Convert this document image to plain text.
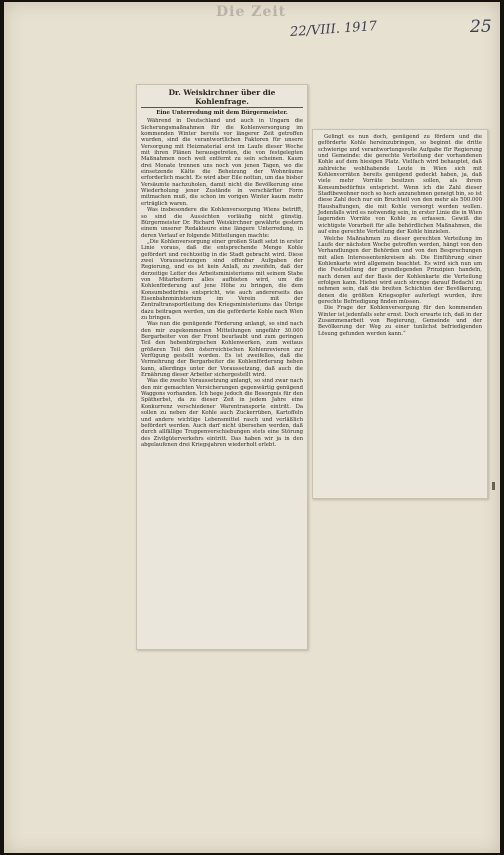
Die Zeit
22/VIII. 1917	25
Dr. Weiskirchner über die Kohlenfrage.
Eine Unterredung mit dem Bürgermeister.

Während in Deutschland und auch in Ungarn die Sicherungsmaßnahmen für die Kohlenversorgung im kommenden Winter bereits vor längerer Zeit getroffen wurden, sind die verantwortlichen Faktoren für unsere Versorgung mit Heizmaterial erst im Laufe dieser Woche mit ihren Plänen herausgetreten, die von festgelegten Maßnahmen noch weit entfernt zu sein scheinen. Kaum drei Monate trennen uns noch von jenen Tagen, wo die einsetzende Kälte die Beheizung der Wohnräume erforderlich macht. Es wird aber Eile nottun, um das bisher Versäumte nachzuholen, damit nicht die Bevölkerung eine Wiederholung jener Zustände in verschärfter Form mitmachen muß, die schon im vorigen Winter kaum mehr erträglich waren.

Was insbesondere die Kohlenversorgung Wiens betrifft, so sind die Aussichten vorläufig nicht günstig. Bürgermeister Dr. Richard Weiskirchner gewährte gestern einem unserer Redakteure eine längere Unterredung, in deren Verlauf er folgende Mitteilungen machte:

„Die Kohlenversorgung einer großen Stadt setzt in erster Linie voraus, daß die entsprechende Menge Kohle gefördert und rechtzeitig in die Stadt gebracht wird. Diese zwei Voraussetzungen sind offenbar Aufgaben der Regierung, und es ist kein Anlaß, zu zweifeln, daß der derzeitige Leiter des Arbeitsministeriums mit seinem Stabe von Mitarbeitern alles aufbieten wird, um die Kohlenförderung auf jene Höhe zu bringen, die dem Konsumbedürfnis entspricht, wie auch andererseits das Eisenbahnministerium im Verein mit der Zentraltransportleitung des Kriegsministeriums das Übrige dazu beitragen werden, um die geförderte Kohle nach Wien zu bringen.

Was nun die genügende Förderung anlangt, so sind nach den mir zugekommenen Mitteilungen ungefähr 30.000 Bergarbeiter von der Front beurlaubt und zum geringen Teil den hebenbürgischen Kohlenwerken, zum weitaus größeren Teil den österreichischen Kohlenrevieren zur Verfügung gestellt worden. Es ist zweifellos, daß die Vermehrung der Bergarbeiter die Kohlenförderung heben kann, allerdings unter der Voraussetzung, daß auch die Ernährung dieser Arbeiter sichergestellt wird.

Was die zweite Voraussetzung anlangt, so sind zwar nach den mir gemachten Versicherungen gegenwärtig genügend Waggons vorhanden. Ich hege jedoch die Besorgnis für den Spätherbst, da zu dieser Zeit in jedem Jahre eine Konkurrenz verschiedener Warentransporte eintritt. Da sollen zu neben der Kohle auch Zuckerrüben, Kartoffeln und andere wichtige Lebensmittel rasch und verläßlich befördert werden. Auch darf nicht übersehen werden, daß durch allfällige Truppenverschiebungen stets eine Störung des Zivilgüterverkehrs eintritt. Das haben wir ja in den abgelaufenen drei Kriegsjahren wiederholt erlebt.

Gelingt es nun doch, genügend zu fördern und die geförderte Kohle hereinzubringen, so beginnt die dritte schwierige und verantwortungsvolle Aufgabe für Regierung und Gemeinde: die gerechte Verteilung der vorhandenen Kohle auf dem hiesigen Platz. Vielfach wird behauptet, daß zahlreiche wohlhabende Leute in Wien sich mit Kohlenvorräten bereits genügend gedeckt haben, ja, daß viele mehr Vorräte besitzen sollen, als ihrem Konsumbedürfnis entspricht. Wenn ich die Zahl dieser Stadtbewohner noch so hoch anzunehmen geneigt bin, so ist diese Zahl doch nur ein Bruchteil von den mehr als 500.000 Haushaltungen, die mit Kohle versorgt werden wollen. Jedenfalls wird es notwendig sein, in erster Linie die in Wien lagernden Vorräte von Kohle zu erfassen. Gewiß die wichtigste Vorarbeit für alle behördlichen Maßnahmen, die auf eine gerechte Verteilung der Kohle hinzielen.

Welche Maßnahmen zu dieser gerechten Verteilung im Laufe der nächsten Woche getroffen werden, hängt von den Verhandlungen der Behörden und von den Besprechungen mit allen Interessentenkreisen ab. Die Einführung einer Kohlenkarte wird allgemein beachtet. Es wird sich nun um die Feststellung der grundlegenden Prinzipien handeln, nach denen auf der Basis der Kohlenkarte die Verteilung erfolgen kann. Hiebei wird auch strenge darauf Bedacht zu nehmen sein, daß die breiten Schichten der Bevölkerung, denen die größten Kriegsopfer auferlegt wurden, ihre gerechte Befriedigung finden müssen.

Die Frage der Kohlenversorgung für den kommenden Winter ist jedenfalls sehr ernst. Doch erwarte ich, daß in der Zusammenarbeit von Regierung, Gemeinde und der Bevölkerung der Weg zu einer tunlichst befriedigenden Lösung gefunden werden kann.“
